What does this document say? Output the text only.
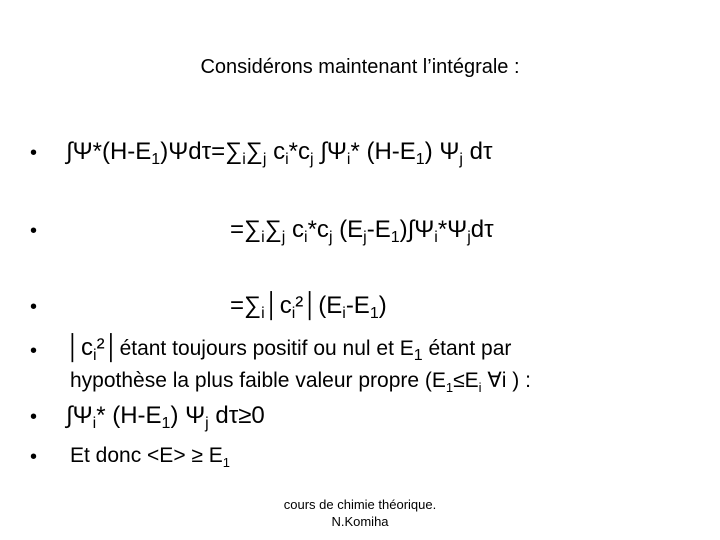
Considérons maintenant l’intégrale :
• $\int\Psi*(H-E_1)\Psi d\tau=\sum_i\sum_j$ $c_i*c_j$ $\int\Psi_i*$ $(H-E_1)$ $\Psi_j$ dτ
•	$=\sum_i\sum_j$ $c_i*c_j$ $(E_j-E_1)\int\Psi_i*\Psi_jd\tau$
•	$=\sum_i│c_i^2│(E_i-E_1)$
• $│c_i^2│é\tan t$ toujours positif ou nul et $E_1$ étant par
hypothèse la plus faible valeur propre ($E_1\le E_i$ ∀i ) :
• $\int\Psi_i*$ $(H-E_1)$ $\Psi_j$ dτ≥0
• Et donc $<E> \ge E_1$
cours de chimie théorique.
N.Komiha
